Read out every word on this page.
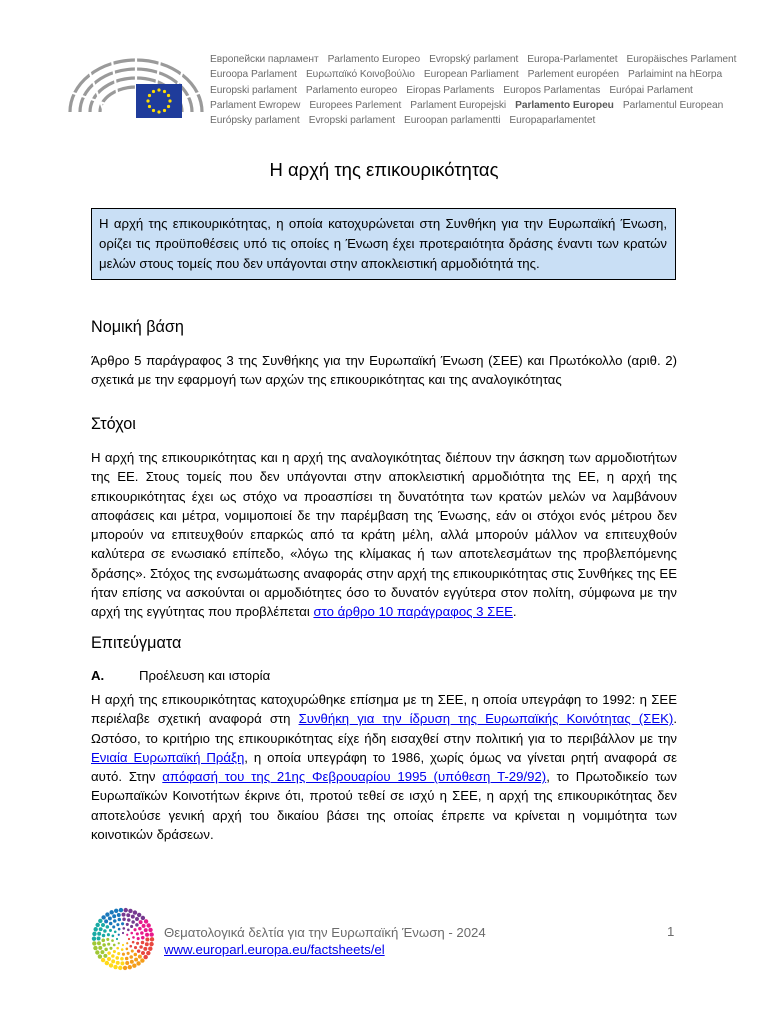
Европейски парламент Parlamento Europeo Evropský parlament Europa-Parlamentet Europäisches Parlament
Euroopa Parlament Ευρωπαϊκό Κοινοβούλιο European Parliament Parlement européen Parlaimint na hEorpa
Europski parlament Parlamento europeo Eiropas Parlaments Europos Parlamentas Európai Parlament
Parlament Ewropew Europees Parlement Parlament Europejski Parlamento Europeu Parlamentul European
Európsky parlament Evropski parlament Euroopan parlamentti Europaparlamentet
Η αρχή της επικουρικότητας
Η αρχή της επικουρικότητας, η οποία κατοχυρώνεται στη Συνθήκη για την Ευρωπαϊκή Ένωση, ορίζει τις προϋποθέσεις υπό τις οποίες η Ένωση έχει προτεραιότητα δράσης έναντι των κρατών μελών στους τομείς που δεν υπάγονται στην αποκλειστική αρμοδιότητά της.
Νομική βάση

Άρθρο 5 παράγραφος 3 της Συνθήκης για την Ευρωπαϊκή Ένωση (ΣΕΕ) και Πρωτόκολλο (αριθ. 2) σχετικά με την εφαρμογή των αρχών της επικουρικότητας και της αναλογικότητας

Στόχοι

Η αρχή της επικουρικότητας και η αρχή της αναλογικότητας διέπουν την άσκηση των αρμοδιοτήτων της ΕΕ. Στους τομείς που δεν υπάγονται στην αποκλειστική αρμοδιότητα της ΕΕ, η αρχή της επικουρικότητας έχει ως στόχο να προασπίσει τη δυνατότητα των κρατών μελών να λαμβάνουν αποφάσεις και μέτρα, νομιμοποιεί δε την παρέμβαση της Ένωσης, εάν οι στόχοι ενός μέτρου δεν μπορούν να επιτευχθούν επαρκώς από τα κράτη μέλη, αλλά μπορούν μάλλον να επιτευχθούν καλύτερα σε ενωσιακό επίπεδο, «λόγω της κλίμακας ή των αποτελεσμάτων της προβλεπόμενης δράσης». Στόχος της ενσωμάτωσης αναφοράς στην αρχή της επικουρικότητας στις Συνθήκες της ΕΕ ήταν επίσης να ασκούνται οι αρμοδιότητες όσο το δυνατόν εγγύτερα στον πολίτη, σύμφωνα με την αρχή της εγγύτητας που προβλέπεται στο άρθρο 10 παράγραφος 3 ΣΕΕ.

Επιτεύγματα
A.	Προέλευση και ιστορία

Η αρχή της επικουρικότητας κατοχυρώθηκε επίσημα με τη ΣΕΕ, η οποία υπεγράφη το 1992: η ΣΕΕ περιέλαβε σχετική αναφορά στη Συνθήκη για την ίδρυση της Ευρωπαϊκής Κοινότητας (ΣΕΚ). Ωστόσο, το κριτήριο της επικουρικότητας είχε ήδη εισαχθεί στην πολιτική για το περιβάλλον με την Ενιαία Ευρωπαϊκή Πράξη, η οποία υπεγράφη το 1986, χωρίς όμως να γίνεται ρητή αναφορά σε αυτό. Στην απόφασή του της 21ης Φεβρουαρίου 1995 (υπόθεση T-29/92), το Πρωτοδικείο των Ευρωπαϊκών Κοινοτήτων έκρινε ότι, προτού τεθεί σε ισχύ η ΣΕΕ, η αρχή της επικουρικότητας δεν αποτελούσε γενική αρχή του δικαίου βάσει της οποίας έπρεπε να κρίνεται η νομιμότητα των κοινοτικών δράσεων.

Θεματολογικά δελτία για την Ευρωπαϊκή Ένωση - 2024
www.europarl.europa.eu/factsheets/el
1
